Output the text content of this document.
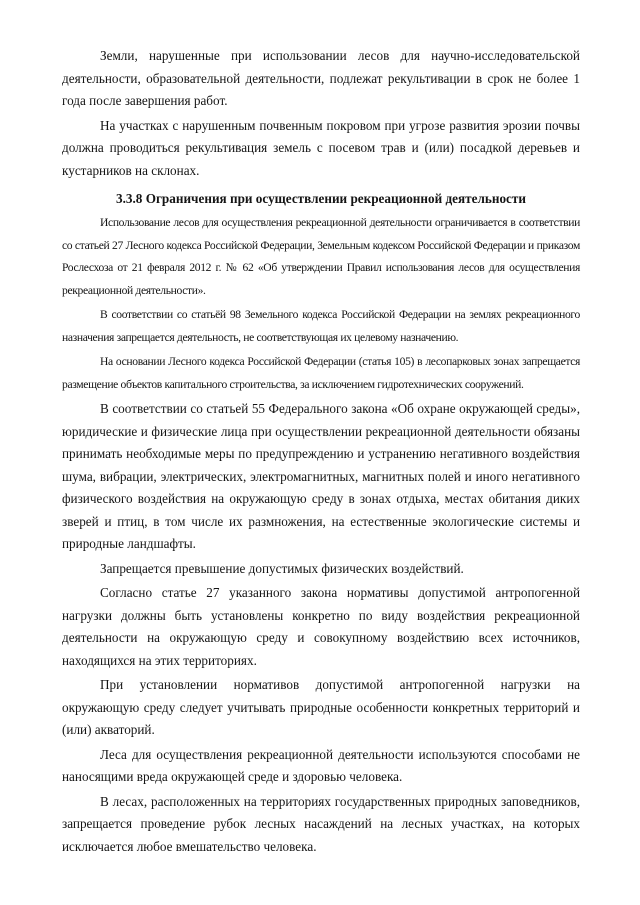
Земли, нарушенные при использовании лесов для научно-исследовательской деятельности, образовательной деятельности, подлежат рекультивации в срок не более 1 года после завершения работ.

На участках с нарушенным почвенным покровом при угрозе развития эрозии почвы должна проводиться рекультивация земель с посевом трав и (или) посадкой деревьев и кустарников на склонах.

3.3.8 Ограничения при осуществлении рекреационной деятельности

Использование лесов для осуществления рекреационной деятельности ограничивается в соответствии со статьей 27 Лесного кодекса Российской Федерации, Земельным кодексом Российской Федерации и приказом Рослесхоза от 21 февраля 2012 г. № 62 «Об утверждении Правил использования лесов для осуществления рекреационной деятельности».

В соответствии со статьёй 98 Земельного кодекса Российской Федерации на землях рекреационного назначения запрещается деятельность, не соответствующая их целевому назначению.

На основании Лесного кодекса Российской Федерации (статья 105) в лесопарковых зонах запрещается размещение объектов капитального строительства, за исключением гидротехнических сооружений.

В соответствии со статьей 55 Федерального закона «Об охране окружающей среды», юридические и физические лица при осуществлении рекреационной деятельности обязаны принимать необходимые меры по предупреждению и устранению негативного воздействия шума, вибрации, электрических, электромагнитных, магнитных полей и иного негативного физического воздействия на окружающую среду в зонах отдыха, местах обитания диких зверей и птиц, в том числе их размножения, на естественные экологические системы и природные ландшафты.

Запрещается превышение допустимых физических воздействий.

Согласно статье 27 указанного закона нормативы допустимой антропогенной нагрузки должны быть установлены конкретно по виду воздействия рекреационной деятельности на окружающую среду и совокупному воздействию всех источников, находящихся на этих территориях.

При установлении нормативов допустимой антропогенной нагрузки на окружающую среду следует учитывать природные особенности конкретных территорий и (или) акваторий.

Леса для осуществления рекреационной деятельности используются способами не наносящими вреда окружающей среде и здоровью человека.

В лесах, расположенных на территориях государственных природных заповедников, запрещается проведение рубок лесных насаждений на лесных участках, на которых исключается любое вмешательство человека.
